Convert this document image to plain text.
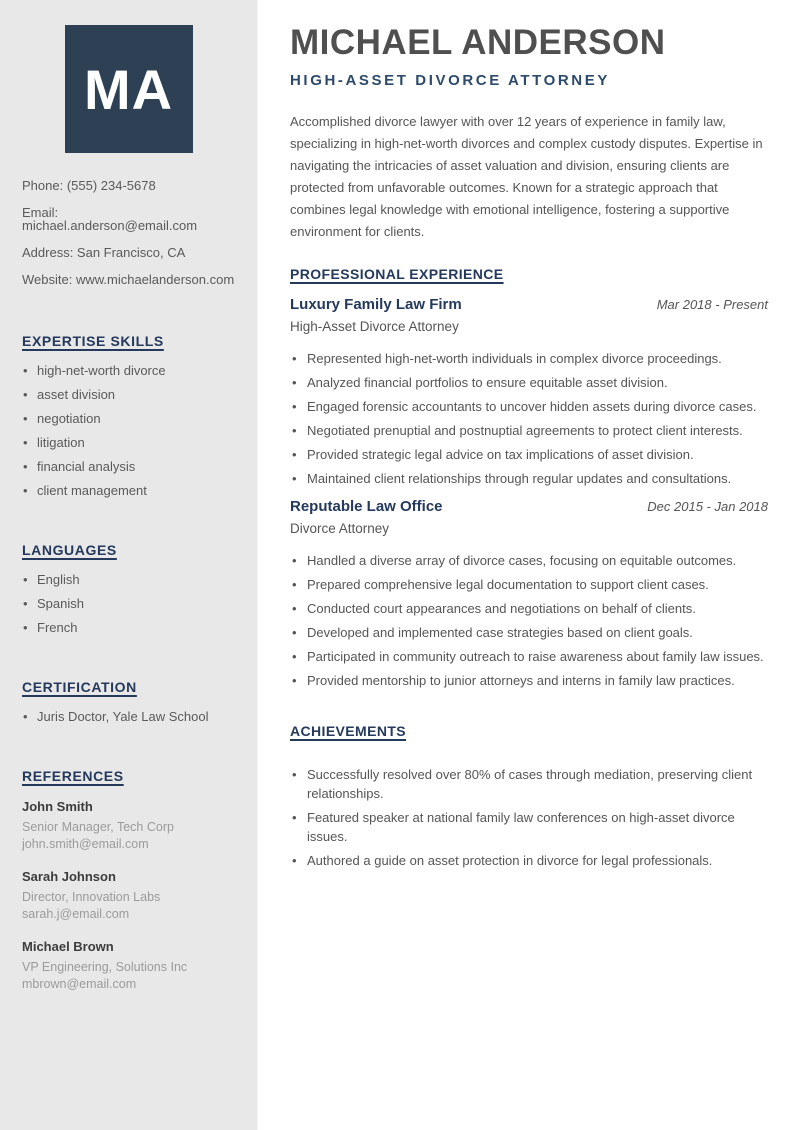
MA
Phone: (555) 234-5678
Email: michael.anderson@email.com
Address: San Francisco, CA
Website: www.michaelanderson.com
EXPERTISE SKILLS
• high-net-worth divorce
• asset division
• negotiation
• litigation
• financial analysis
• client management
LANGUAGES
• English
• Spanish
• French
CERTIFICATION
• Juris Doctor, Yale Law School
REFERENCES
John Smith
Senior Manager, Tech Corp
john.smith@email.com
Sarah Johnson
Director, Innovation Labs
sarah.j@email.com
Michael Brown
VP Engineering, Solutions Inc
mbrown@email.com
MICHAEL ANDERSON
HIGH-ASSET DIVORCE ATTORNEY

Accomplished divorce lawyer with over 12 years of experience in family law, specializing in high-net-worth divorces and complex custody disputes. Expertise in navigating the intricacies of asset valuation and division, ensuring clients are protected from unfavorable outcomes. Known for a strategic approach that combines legal knowledge with emotional intelligence, fostering a supportive environment for clients.

PROFESSIONAL EXPERIENCE
Luxury Family Law Firm	Mar 2018 - Present
High-Asset Divorce Attorney
• Represented high-net-worth individuals in complex divorce proceedings.
• Analyzed financial portfolios to ensure equitable asset division.
• Engaged forensic accountants to uncover hidden assets during divorce cases.
• Negotiated prenuptial and postnuptial agreements to protect client interests.
• Provided strategic legal advice on tax implications of asset division.
• Maintained client relationships through regular updates and consultations.
Reputable Law Office	Dec 2015 - Jan 2018
Divorce Attorney
• Handled a diverse array of divorce cases, focusing on equitable outcomes.
• Prepared comprehensive legal documentation to support client cases.
• Conducted court appearances and negotiations on behalf of clients.
• Developed and implemented case strategies based on client goals.
• Participated in community outreach to raise awareness about family law issues.
• Provided mentorship to junior attorneys and interns in family law practices.
ACHIEVEMENTS
• Successfully resolved over 80% of cases through mediation, preserving client relationships.
• Featured speaker at national family law conferences on high-asset divorce issues.
• Authored a guide on asset protection in divorce for legal professionals.
